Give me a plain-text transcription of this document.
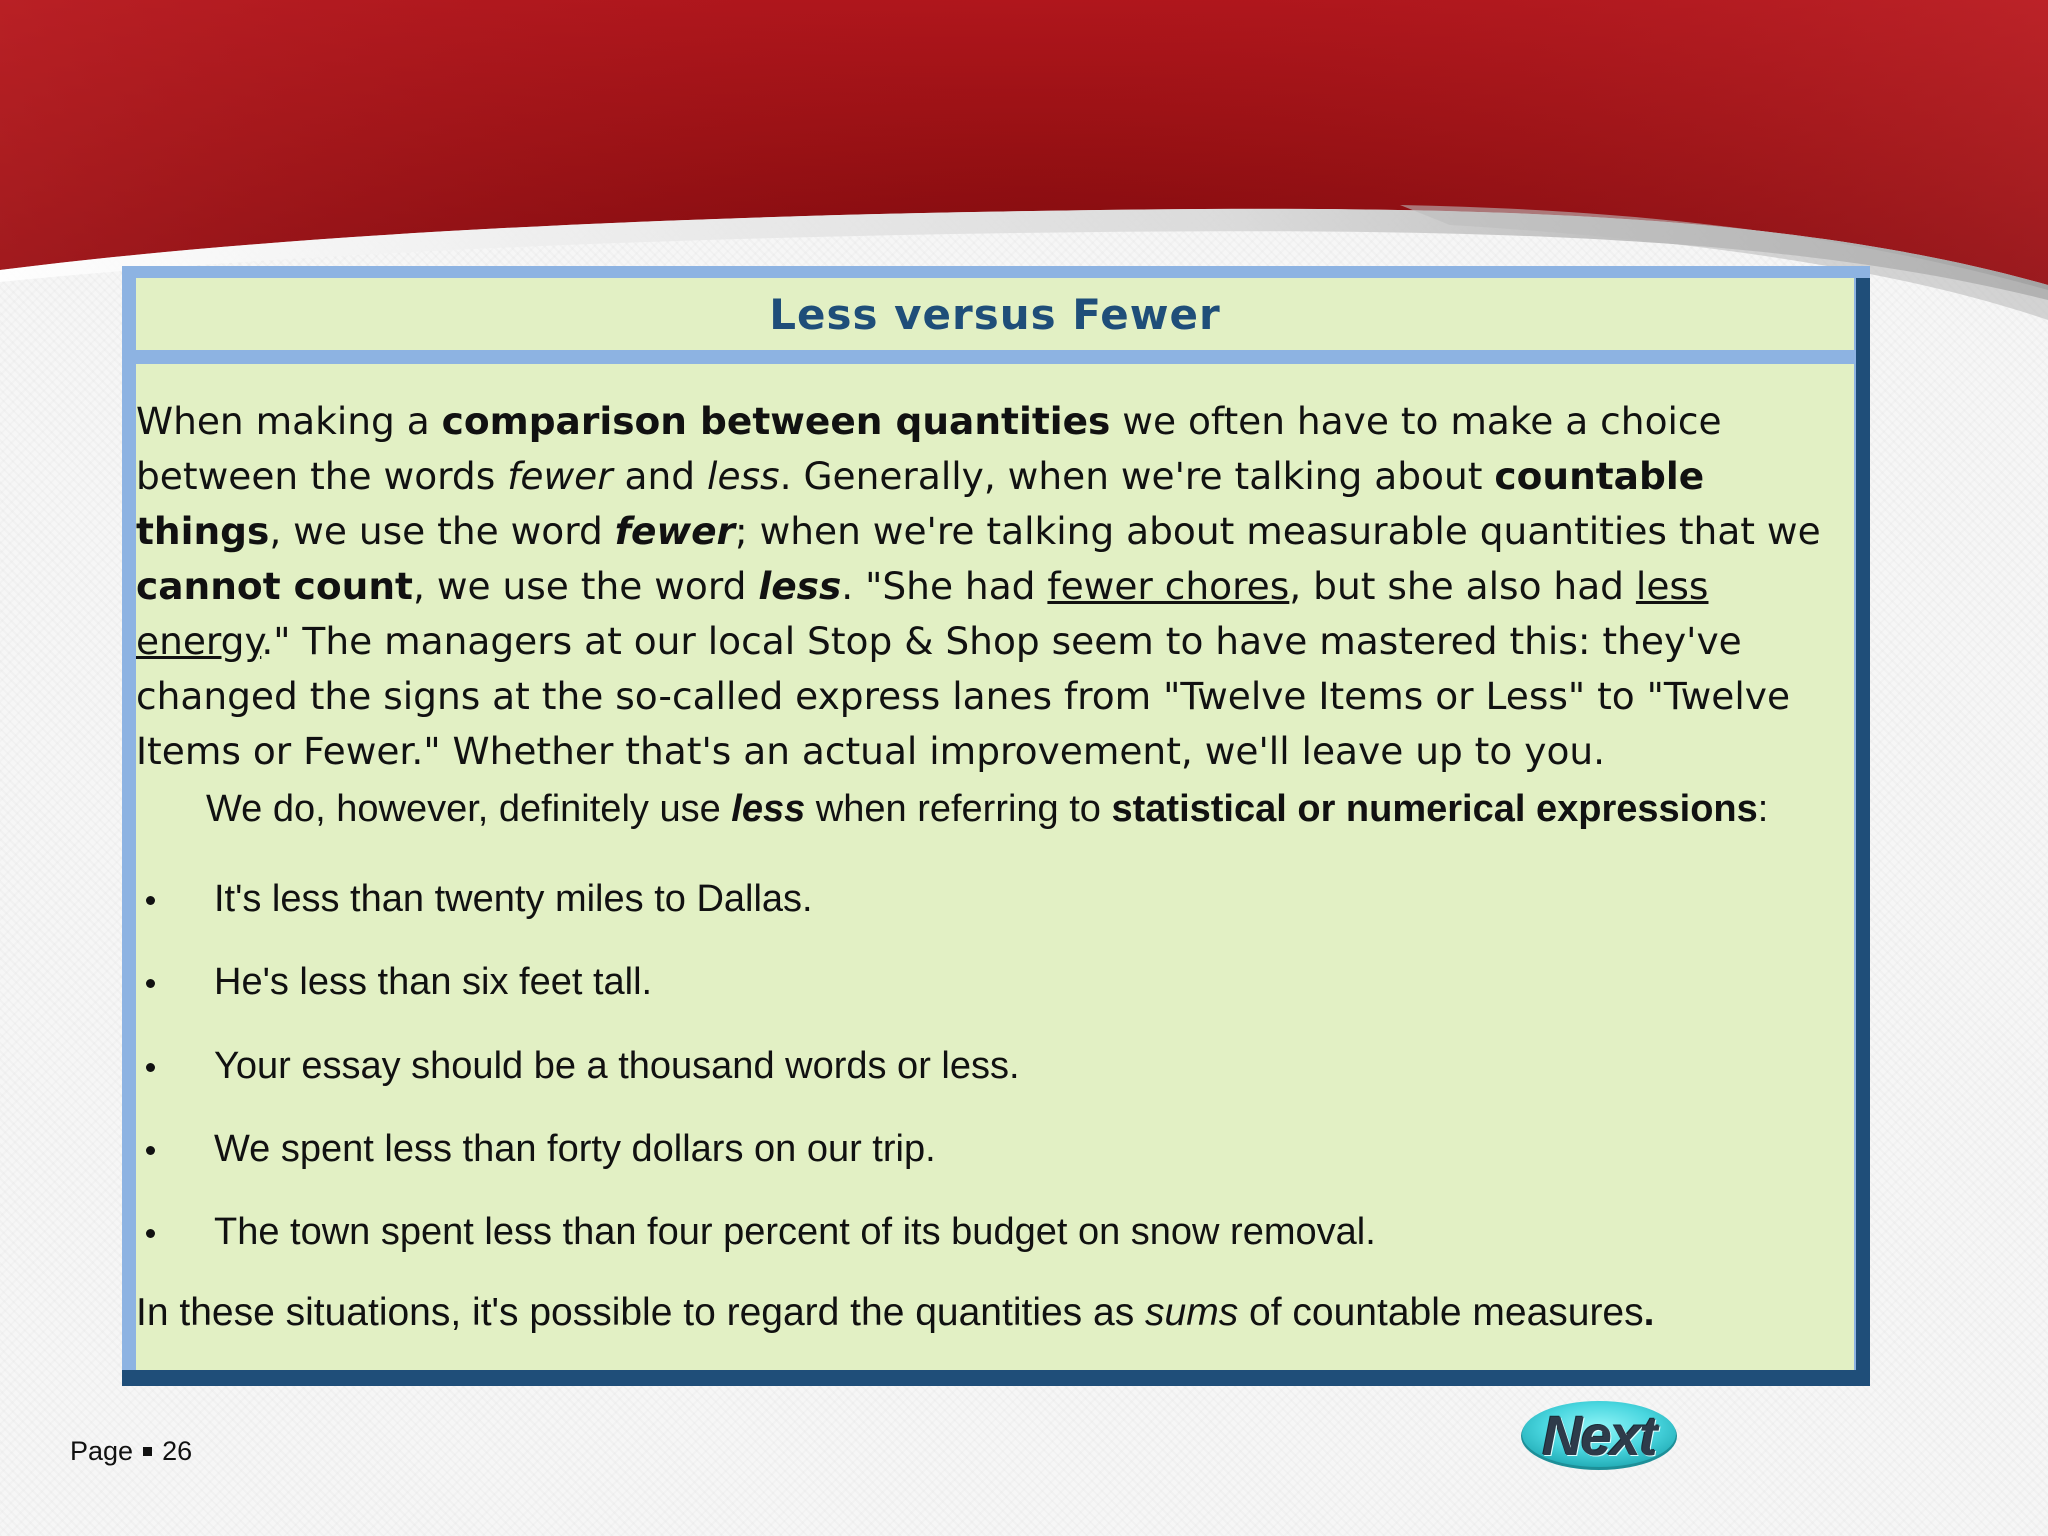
Less versus Fewer

When making a comparison between quantities we often have to make a choice between the words fewer and less. Generally, when we're talking about countable things, we use the word fewer; when we're talking about measurable quantities that we cannot count, we use the word less. "She had fewer chores, but she also had less energy." The managers at our local Stop & Shop seem to have mastered this: they've changed the signs at the so-called express lanes from "Twelve Items or Less" to "Twelve Items or Fewer." Whether that's an actual improvement, we'll leave up to you.

We do, however, definitely use less when referring to statistical or numerical expressions:

It's less than twenty miles to Dallas.
He's less than six feet tall.
Your essay should be a thousand words or less.
We spent less than forty dollars on our trip.
The town spent less than four percent of its budget on snow removal.

In these situations, it's possible to regard the quantities as sums of countable measures.

Page 26	Next
